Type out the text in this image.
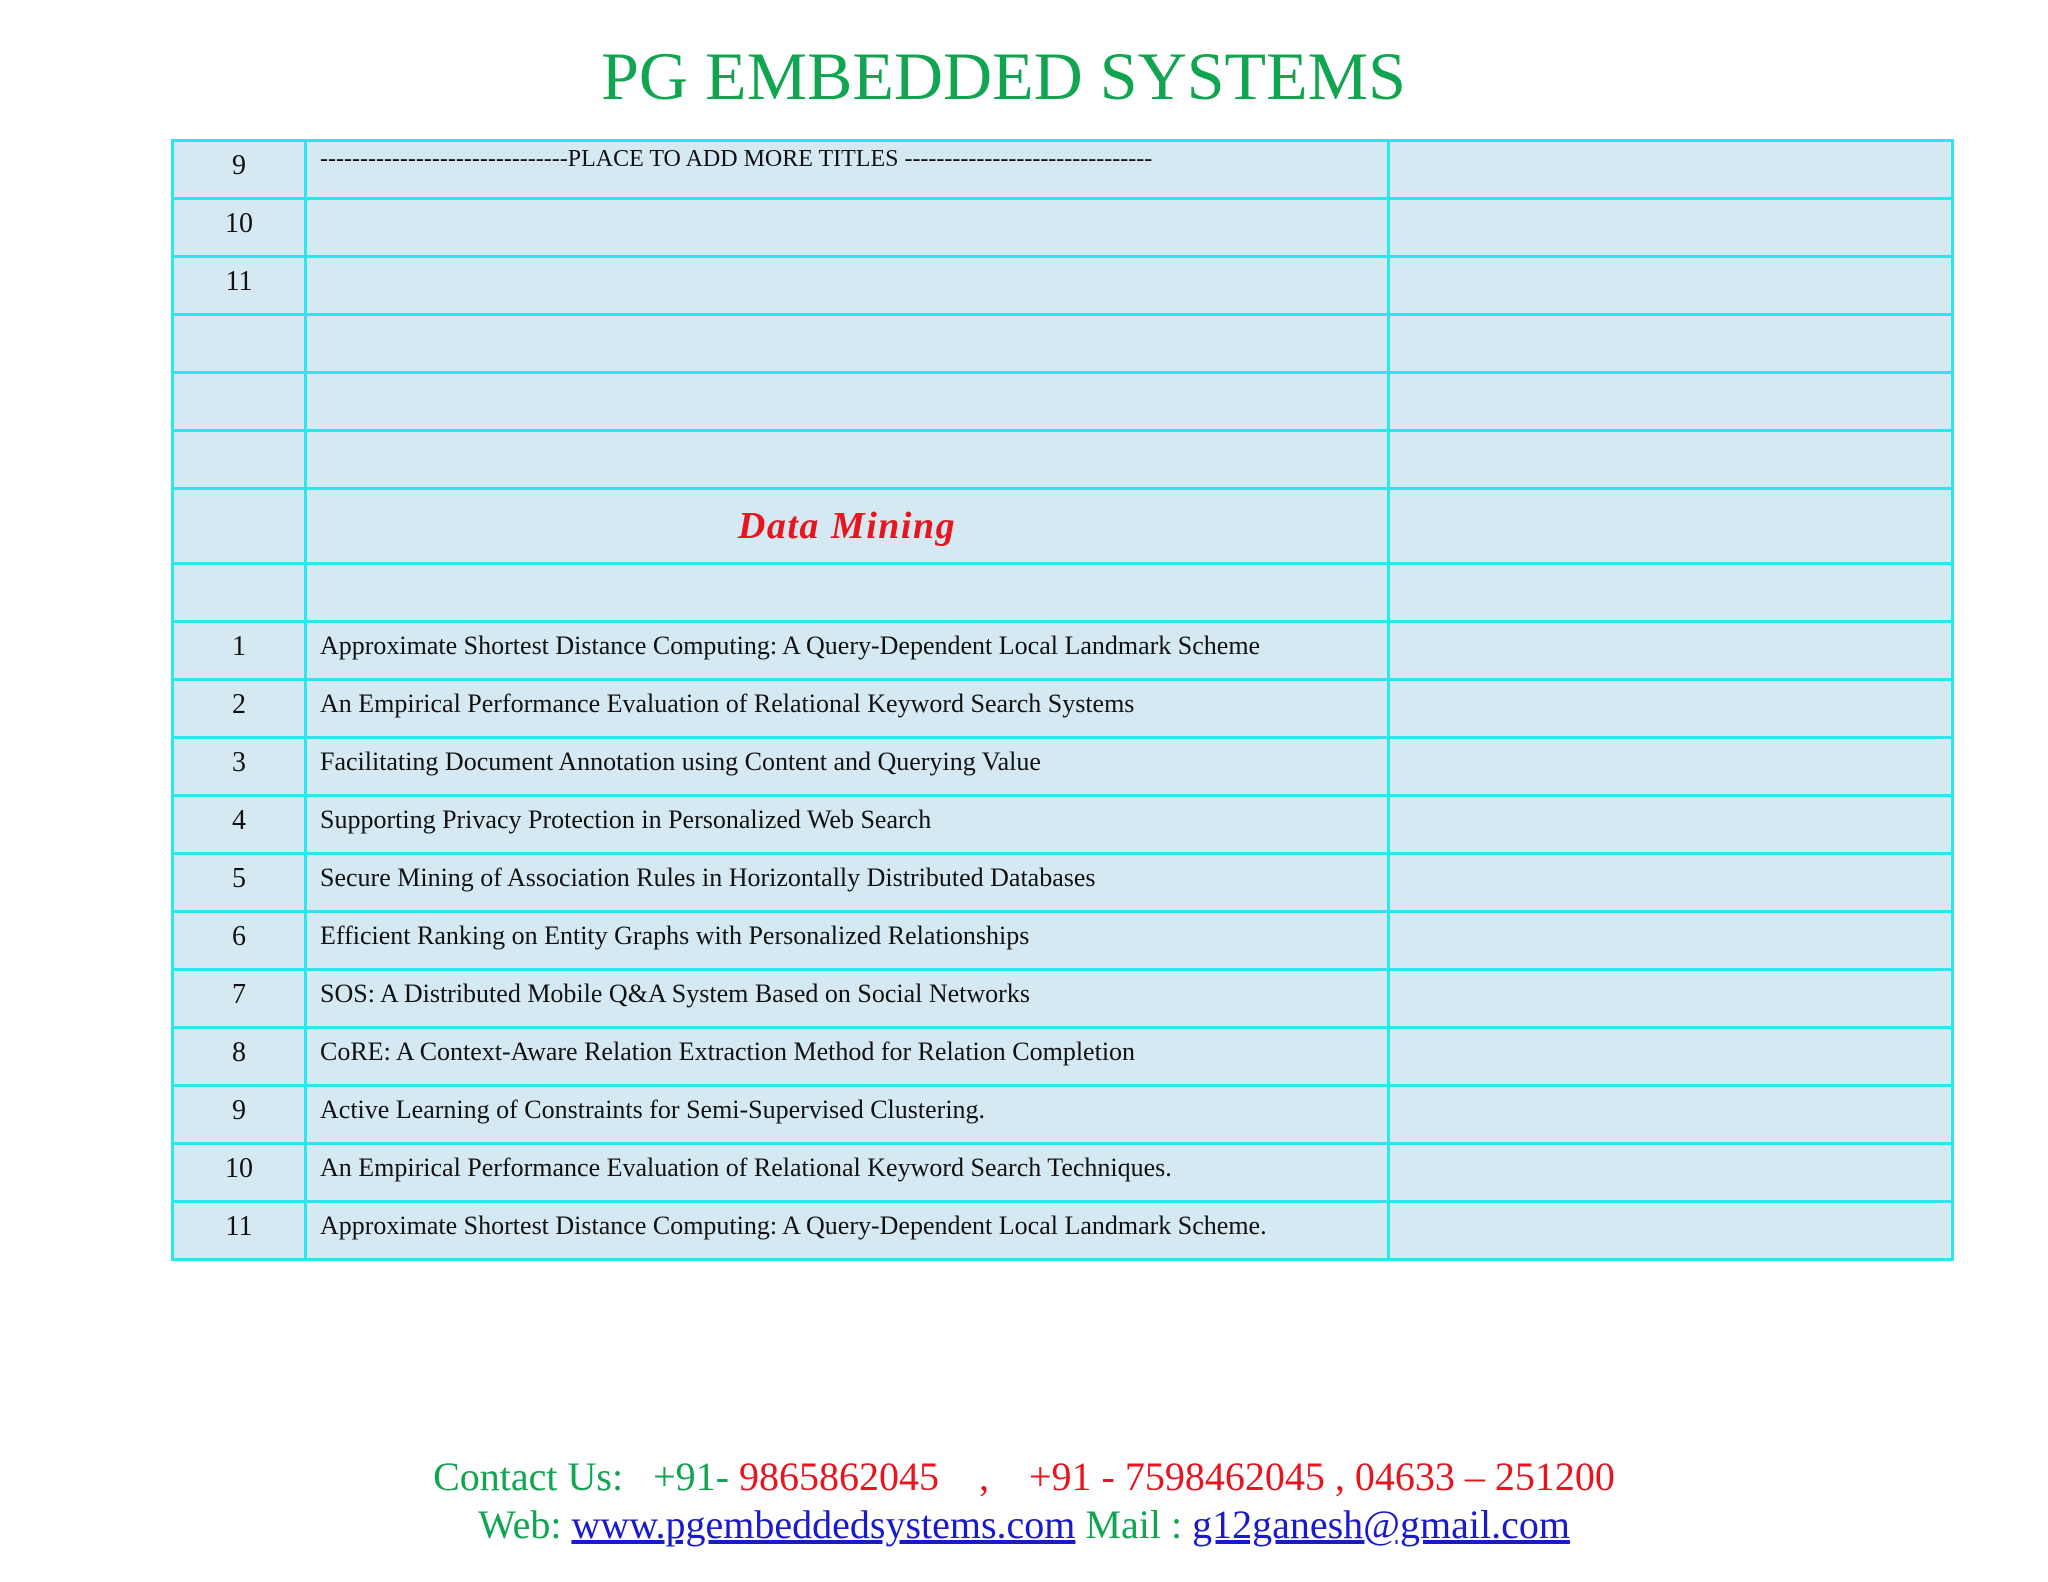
PG EMBEDDED SYSTEMS
9	-------------------------------PLACE TO ADD MORE TITLES -------------------------------	
10		
11		

	Data Mining	

1	Approximate Shortest Distance Computing: A Query-Dependent Local Landmark Scheme	
2	An Empirical Performance Evaluation of Relational Keyword Search Systems	
3	Facilitating Document Annotation using Content and Querying Value	
4	Supporting Privacy Protection in Personalized Web Search	
5	Secure Mining of Association Rules in Horizontally Distributed Databases	
6	Efficient Ranking on Entity Graphs with Personalized Relationships	
7	SOS: A Distributed Mobile Q&A System Based on Social Networks	
8	CoRE: A Context-Aware Relation Extraction Method for Relation Completion	
9	Active Learning of Constraints for Semi-Supervised Clustering.	
10	An Empirical Performance Evaluation of Relational Keyword Search Techniques.	
11	Approximate Shortest Distance Computing: A Query-Dependent Local Landmark Scheme.	
Contact Us: +91- 9865862045 , +91 - 7598462045 , 04633 – 251200
Web: www.pgembeddedsystems.com Mail : g12ganesh@gmail.com
